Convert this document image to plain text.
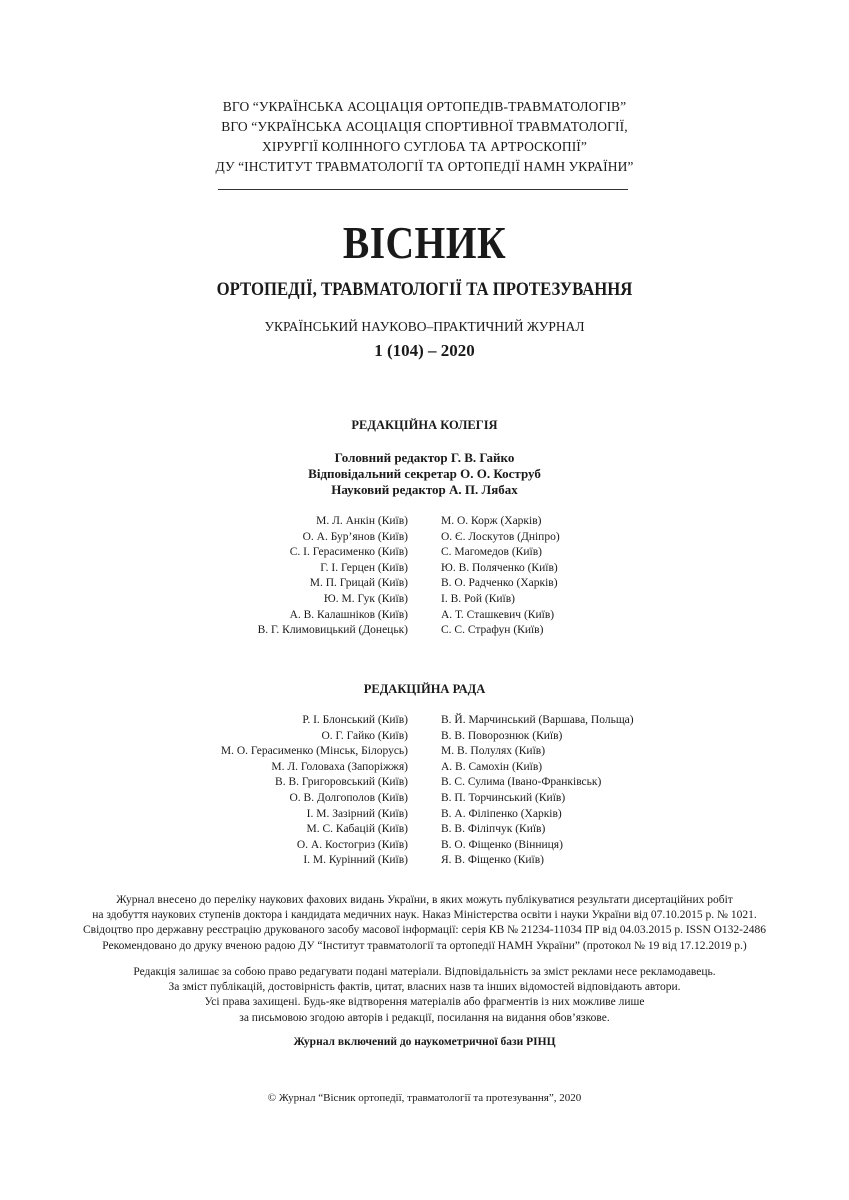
ВГО “УКРАЇНСЬКА АСОЦІАЦІЯ ОРТОПЕДІВ-ТРАВМАТОЛОГІВ”
ВГО “УКРАЇНСЬКА АСОЦІАЦІЯ СПОРТИВНОЇ ТРАВМАТОЛОГІЇ,
ХІРУРГІЇ КОЛІННОГО СУГЛОБА ТА АРТРОСКОПІЇ”
ДУ “ІНСТИТУТ ТРАВМАТОЛОГІЇ ТА ОРТОПЕДІЇ НАМН УКРАЇНИ”
ВІСНИК
ОРТОПЕДІЇ, ТРАВМАТОЛОГІЇ ТА ПРОТЕЗУВАННЯ
УКРАЇНСЬКИЙ НАУКОВО–ПРАКТИЧНИЙ ЖУРНАЛ
1 (104) – 2020
РЕДАКЦІЙНА КОЛЕГІЯ
Головний редактор Г. В. Гайко
Відповідальний секретар О. О. Коструб
Науковий редактор А. П. Лябах
М. Л. Анкін (Київ)
О. А. Бур’янов (Київ)
С. І. Герасименко (Київ)
Г. І. Герцен (Київ)
М. П. Грицай (Київ)
Ю. М. Гук (Київ)
А. В. Калашніков (Київ)
В. Г. Климовицький (Донецьк)
М. О. Корж (Харків)
О. Є. Лоскутов (Дніпро)
С. Магомедов (Київ)
Ю. В. Поляченко (Київ)
В. О. Радченко (Харків)
І. В. Рой (Київ)
А. Т. Сташкевич (Київ)
С. С. Страфун (Київ)
РЕДАКЦІЙНА РАДА
Р. І. Блонський (Київ)
О. Г. Гайко (Київ)
М. О. Герасименко (Мінськ, Білорусь)
М. Л. Головаха (Запоріжжя)
В. В. Григоровський (Київ)
О. В. Долгополов (Київ)
І. М. Зазірний (Київ)
М. С. Кабацій (Київ)
О. А. Костогриз (Київ)
І. М. Курінний (Київ)
В. Й. Марчинський (Варшава, Польща)
В. В. Поворознюк (Київ)
М. В. Полулях (Київ)
А. В. Самохін (Київ)
В. С. Сулима (Івано-Франківськ)
В. П. Торчинський (Київ)
В. А. Філіпенко (Харків)
В. В. Філіпчук (Київ)
В. О. Фіщенко (Вінниця)
Я. В. Фіщенко (Київ)
Журнал внесено до переліку наукових фахових видань України, в яких можуть публікуватися результати дисертаційних робіт
на здобуття наукових ступенів доктора і кандидата медичних наук. Наказ Міністерства освіти і науки України від 07.10.2015 р. № 1021.
Свідоцтво про державну реєстрацію друкованого засобу масової інформації: серія КВ № 21234-11034 ПР від 04.03.2015 р. ISSN О132-2486
Рекомендовано до друку вченою радою ДУ “Інститут травматології та ортопедії НАМН України” (протокол № 19 від 17.12.2019 р.)
Редакція залишає за собою право редагувати подані матеріали. Відповідальність за зміст реклами несе рекламодавець.
За зміст публікацій, достовірність фактів, цитат, власних назв та інших відомостей відповідають автори.
Усі права захищені. Будь-яке відтворення матеріалів або фрагментів із них можливе лише
за письмовою згодою авторів і редакції, посилання на видання обов’язкове.
Журнал включений до наукометричної бази РІНЦ
© Журнал “Вісник ортопедії, травматології та протезування”, 2020
